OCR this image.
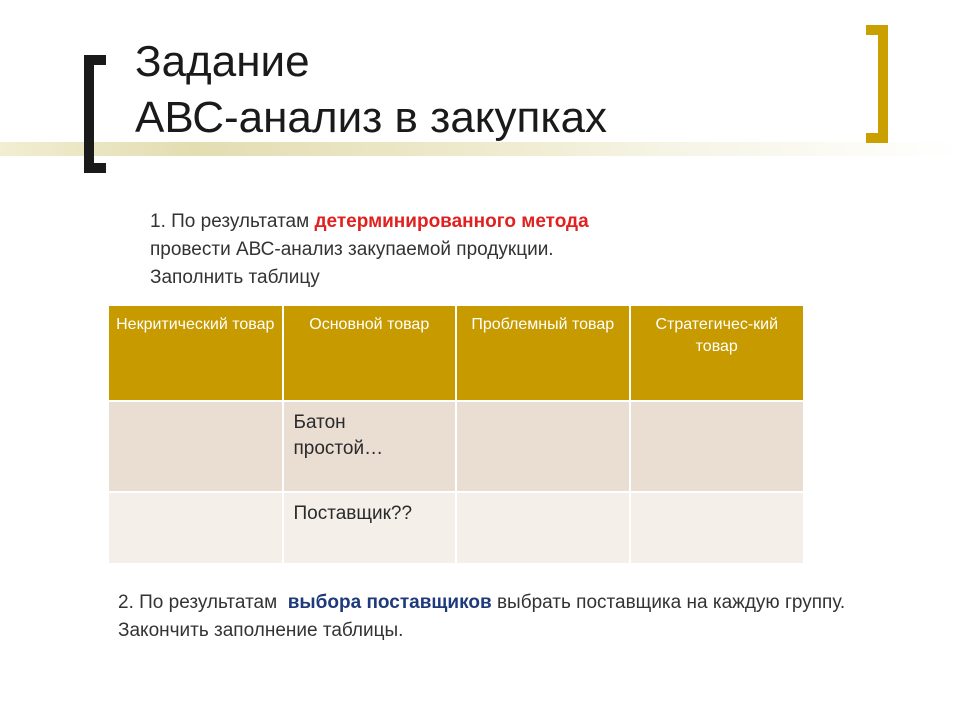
Задание
АВС-анализ в закупках
1. По результатам детерминированного метода
провести АВС-анализ закупаемой продукции.
Заполнить таблицу
Некритический товар	Основной товар	Проблемный товар	Стратегичес-кий товар
	Батон простой…		
	Поставщик??		
2. По результатам  выбора поставщиков выбрать поставщика на каждую группу. Закончить заполнение таблицы.
